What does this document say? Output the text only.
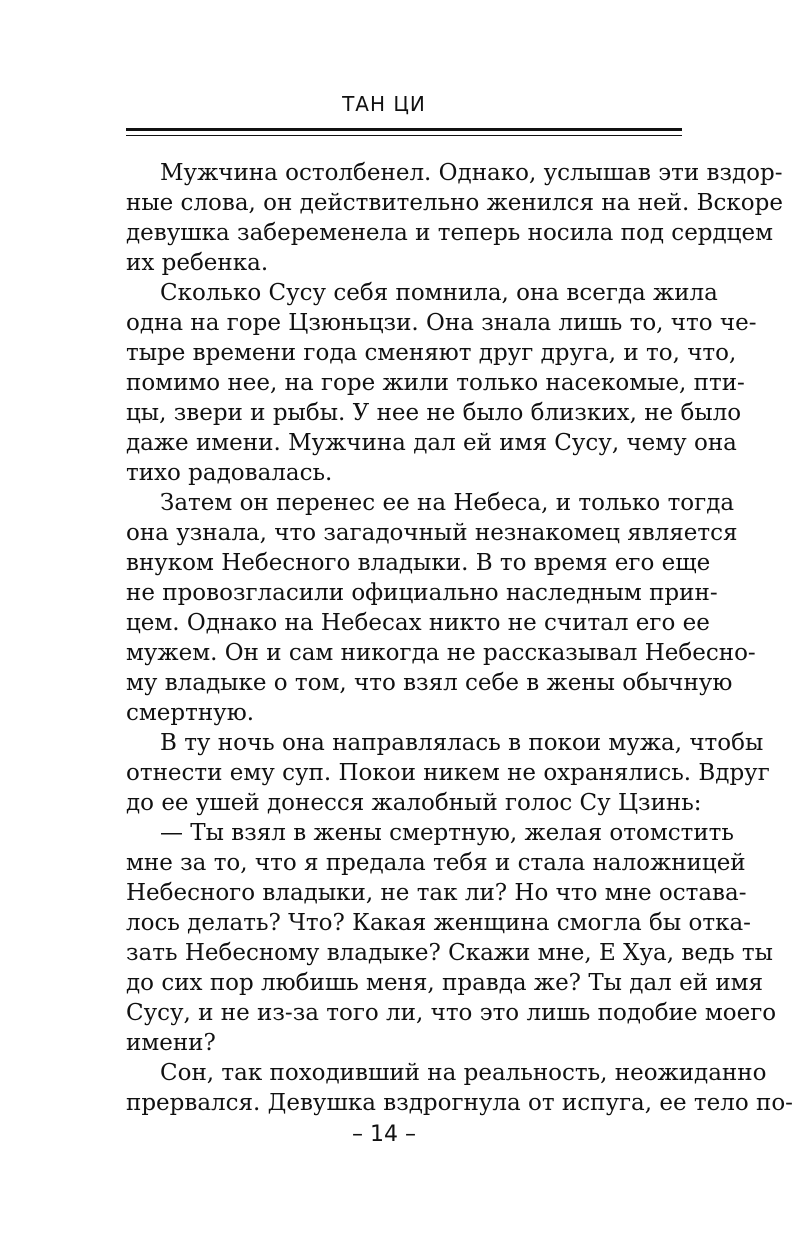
ТАН ЦИ
Мужчина остолбенел. Однако, услышав эти вздор-
ные слова, он действительно женился на ней. Вскоре
девушка забеременела и теперь носила под сердцем
их ребенка.
Сколько Сусу себя помнила, она всегда жила
одна на горе Цзюньцзи. Она знала лишь то, что че-
тыре времени года сменяют друг друга, и то, что,
помимо нее, на горе жили только насекомые, пти-
цы, звери и рыбы. У нее не было близких, не было
даже имени. Мужчина дал ей имя Сусу, чему она
тихо радовалась.
Затем он перенес ее на Небеса, и только тогда
она узнала, что загадочный незнакомец является
внуком Небесного владыки. В то время его еще
не провозгласили официально наследным прин-
цем. Однако на Небесах никто не считал его ее
мужем. Он и сам никогда не рассказывал Небесно-
му владыке о том, что взял себе в жены обычную
смертную.
В ту ночь она направлялась в покои мужа, чтобы
отнести ему суп. Покои никем не охранялись. Вдруг
до ее ушей донесся жалобный голос Су Цзинь:
— Ты взял в жены смертную, желая отомстить
мне за то, что я предала тебя и стала наложницей
Небесного владыки, не так ли? Но что мне остава-
лось делать? Что? Какая женщина смогла бы отка-
зать Небесному владыке? Скажи мне, Е Хуа, ведь ты
до сих пор любишь меня, правда же? Ты дал ей имя
Сусу, и не из-за того ли, что это лишь подобие моего
имени?
Сон, так походивший на реальность, неожиданно
прервался. Девушка вздрогнула от испуга, ее тело по-
– 14 –
